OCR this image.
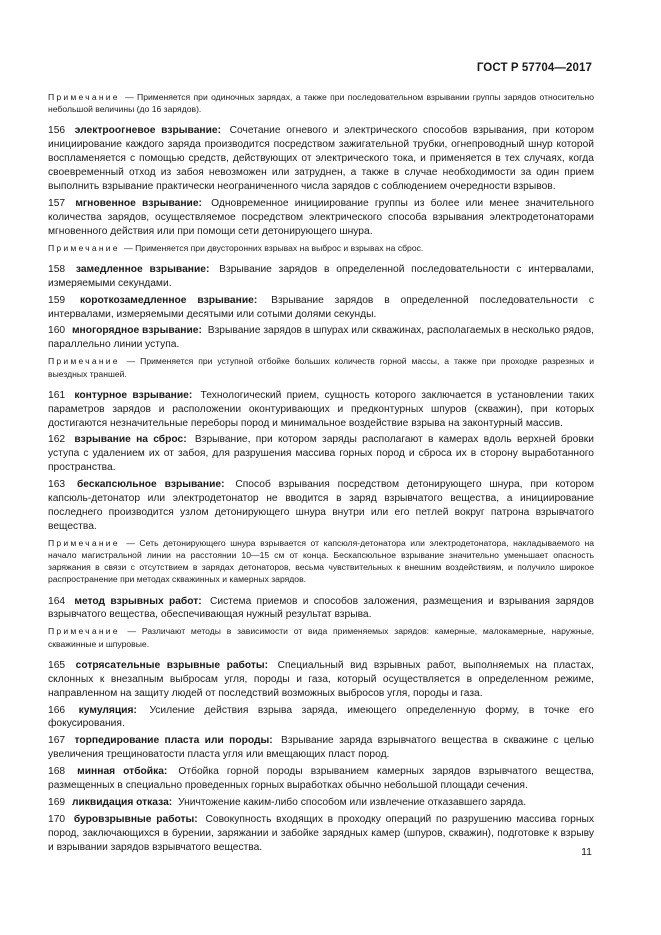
ГОСТ Р 57704—2017

Примечание — Применяется при одиночных зарядах, а также при последовательном взрывании группы зарядов относительно небольшой величины (до 16 зарядов).

156 электроогневое взрывание: Сочетание огневого и электрического способов взрывания, при котором инициирование каждого заряда производится посредством зажигательной трубки, огнепроводный шнур которой воспламеняется с помощью средств, действующих от электрического тока, и применяется в тех случаях, когда своевременный отход из забоя невозможен или затруднен, а также в случае необходимости за один прием выполнить взрывание практически неограниченного числа зарядов с соблюдением очередности взрывов.

157 мгновенное взрывание: Одновременное инициирование группы из более или менее значительного количества зарядов, осуществляемое посредством электрического способа взрывания электродетонаторами мгновенного действия или при помощи сети детонирующего шнура.

Примечание — Применяется при двусторонних взрывах на выброс и взрывах на сброс.

158 замедленное взрывание: Взрывание зарядов в определенной последовательности с интервалами, измеряемыми секундами.

159 короткозамедленное взрывание: Взрывание зарядов в определенной последовательности с интервалами, измеряемыми десятыми или сотыми долями секунды.

160 многорядное взрывание: Взрывание зарядов в шпурах или скважинах, располагаемых в несколько рядов, параллельно линии уступа.

Примечание — Применяется при уступной отбойке больших количеств горной массы, а также при проходке разрезных и выездных траншей.

161 контурное взрывание: Технологический прием, сущность которого заключается в установлении таких параметров зарядов и расположении оконтуривающих и предконтурных шпуров (скважин), при которых достигаются незначительные переборы пород и минимальное воздействие взрыва на законтурный массив.

162 взрывание на сброс: Взрывание, при котором заряды располагают в камерах вдоль верхней бровки уступа с удалением их от забоя, для разрушения массива горных пород и сброса их в сторону выработанного пространства.

163 бескапсюльное взрывание: Способ взрывания посредством детонирующего шнура, при котором капсюль-детонатор или электродетонатор не вводится в заряд взрывчатого вещества, а инициирование последнего производится узлом детонирующего шнура внутри или его петлей вокруг патрона взрывчатого вещества.

Примечание — Сеть детонирующего шнура взрывается от капсюля-детонатора или электродетонатора, накладываемого на начало магистральной линии на расстоянии 10—15 см от конца. Бескапсюльное взрывание значительно уменьшает опасность заряжания в связи с отсутствием в зарядах детонаторов, весьма чувствительных к внешним воздействиям, и получило широкое распространение при методах скважинных и камерных зарядов.

164 метод взрывных работ: Система приемов и способов заложения, размещения и взрывания зарядов взрывчатого вещества, обеспечивающая нужный результат взрыва.

Примечание — Различают методы в зависимости от вида применяемых зарядов: камерные, малокамерные, наружные, скважинные и шпуровые.

165 сотрясательные взрывные работы: Специальный вид взрывных работ, выполняемых на пластах, склонных к внезапным выбросам угля, породы и газа, который осуществляется в определенном режиме, направленном на защиту людей от последствий возможных выбросов угля, породы и газа.

166 кумуляция: Усиление действия взрыва заряда, имеющего определенную форму, в точке его фокусирования.

167 торпедирование пласта или породы: Взрывание заряда взрывчатого вещества в скважине с целью увеличения трещиноватости пласта угля или вмещающих пласт пород.

168 минная отбойка: Отбойка горной породы взрыванием камерных зарядов взрывчатого вещества, размещенных в специально проведенных горных выработках обычно небольшой площади сечения.

169 ликвидация отказа: Уничтожение каким-либо способом или извлечение отказавшего заряда.

170 буровзрывные работы: Совокупность входящих в проходку операций по разрушению массива горных пород, заключающихся в бурении, заряжании и забойке зарядных камер (шпуров, скважин), подготовке к взрыву и взрывании зарядов взрывчатого вещества.	11
